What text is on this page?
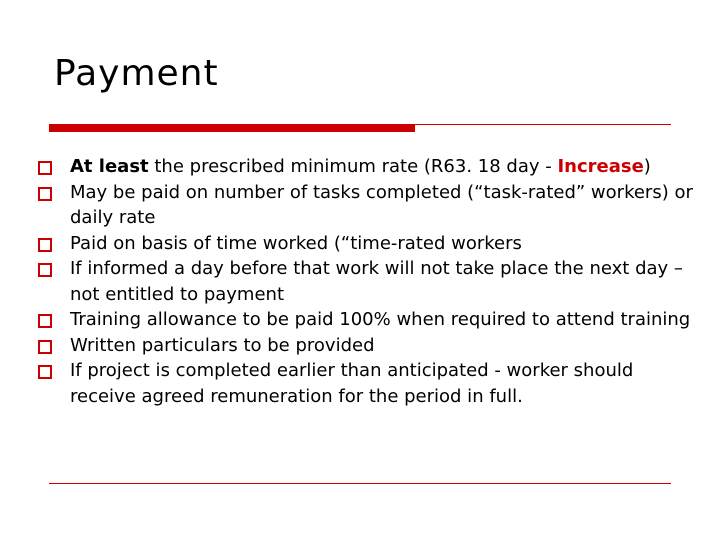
Payment
At least the prescribed minimum rate (R63. 18 day - Increase)
May be paid on number of tasks completed (“task-rated” workers) or daily rate
Paid on basis of time worked (“time-rated workers
If informed a day before that work will not take place the next day – not entitled to payment
Training allowance to be paid 100% when required to attend training
Written particulars to be provided
If project is completed earlier than anticipated - worker should receive agreed remuneration for the period in full.
